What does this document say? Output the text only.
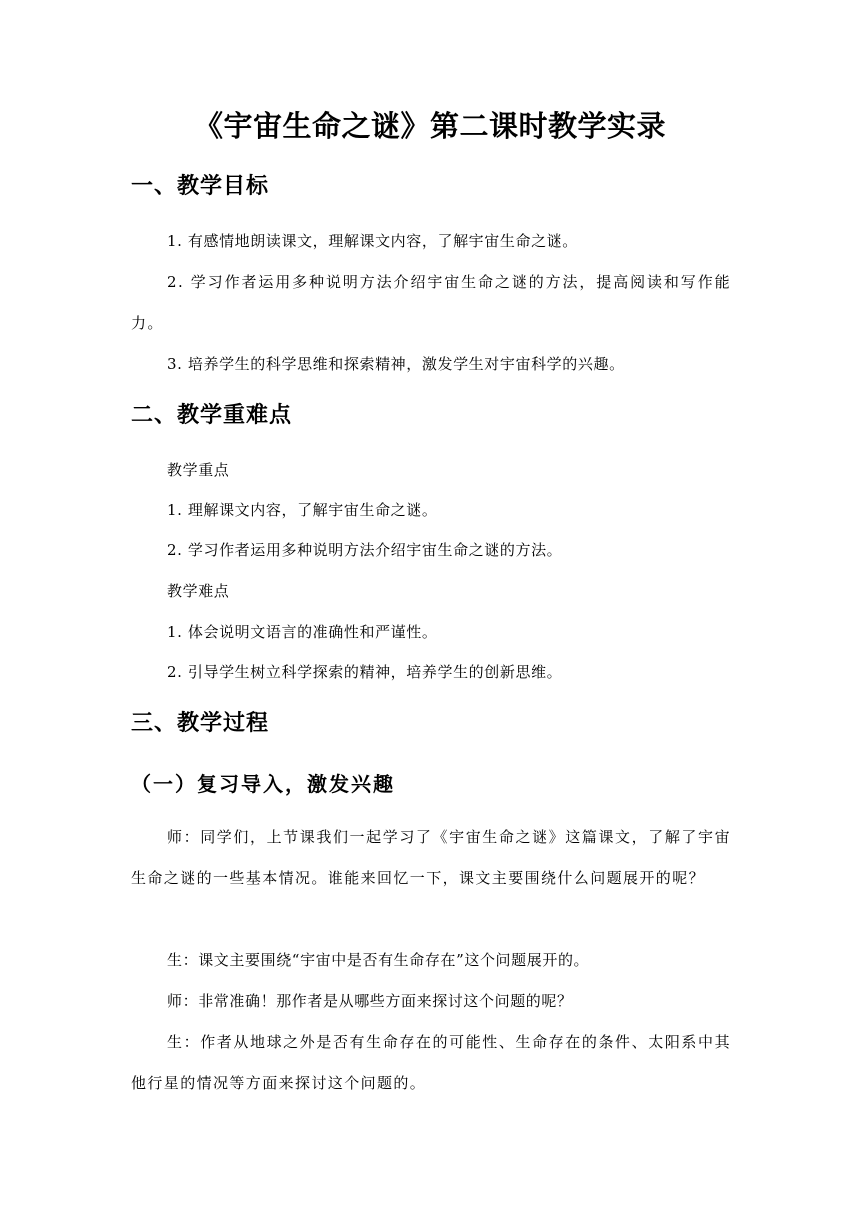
《宇宙生命之谜》第二课时教学实录
一、教学目标
1. 有感情地朗读课文，理解课文内容，了解宇宙生命之谜。
2. 学习作者运用多种说明方法介绍宇宙生命之谜的方法，提高阅读和写作能力。
3. 培养学生的科学思维和探索精神，激发学生对宇宙科学的兴趣。
二、教学重难点
教学重点
1. 理解课文内容，了解宇宙生命之谜。
2. 学习作者运用多种说明方法介绍宇宙生命之谜的方法。
教学难点
1. 体会说明文语言的准确性和严谨性。
2. 引导学生树立科学探索的精神，培养学生的创新思维。
三、教学过程
（一）复习导入，激发兴趣
师：同学们，上节课我们一起学习了《宇宙生命之谜》这篇课文，了解了宇宙生命之谜的一些基本情况。谁能来回忆一下，课文主要围绕什么问题展开的呢？
生：课文主要围绕“宇宙中是否有生命存在”这个问题展开的。
师：非常准确！那作者是从哪些方面来探讨这个问题的呢？
生：作者从地球之外是否有生命存在的可能性、生命存在的条件、太阳系中其他行星的情况等方面来探讨这个问题的。
